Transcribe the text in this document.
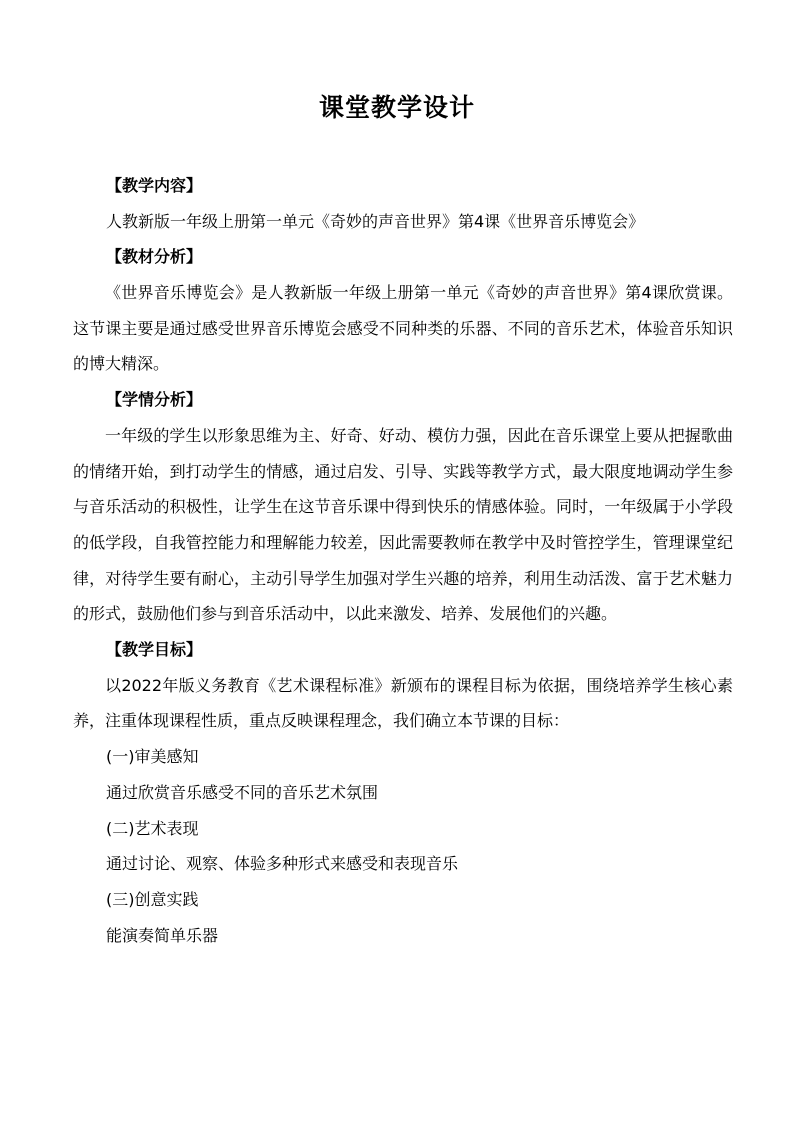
课堂教学设计
【教学内容】
人教新版一年级上册第一单元《奇妙的声音世界》第4课《世界音乐博览会》
【教材分析】

《世界音乐博览会》是人教新版一年级上册第一单元《奇妙的声音世界》第4课欣赏课。这节课主要是通过感受世界音乐博览会感受不同种类的乐器、不同的音乐艺术，体验音乐知识的博大精深。

【学情分析】

一年级的学生以形象思维为主、好奇、好动、模仿力强，因此在音乐课堂上要从把握歌曲的情绪开始，到打动学生的情感，通过启发、引导、实践等教学方式，最大限度地调动学生参与音乐活动的积极性，让学生在这节音乐课中得到快乐的情感体验。同时，一年级属于小学段的低学段，自我管控能力和理解能力较差，因此需要教师在教学中及时管控学生，管理课堂纪律，对待学生要有耐心，主动引导学生加强对学生兴趣的培养，利用生动活泼、富于艺术魅力的形式，鼓励他们参与到音乐活动中，以此来激发、培养、发展他们的兴趣。

【教学目标】

以2022年版义务教育《艺术课程标准》新颁布的课程目标为依据，围绕培养学生核心素养，注重体现课程性质，重点反映课程理念，我们确立本节课的目标：

(一)审美感知
通过欣赏音乐感受不同的音乐艺术氛围
(二)艺术表现
通过讨论、观察、体验多种形式来感受和表现音乐
(三)创意实践
能演奏简单乐器
